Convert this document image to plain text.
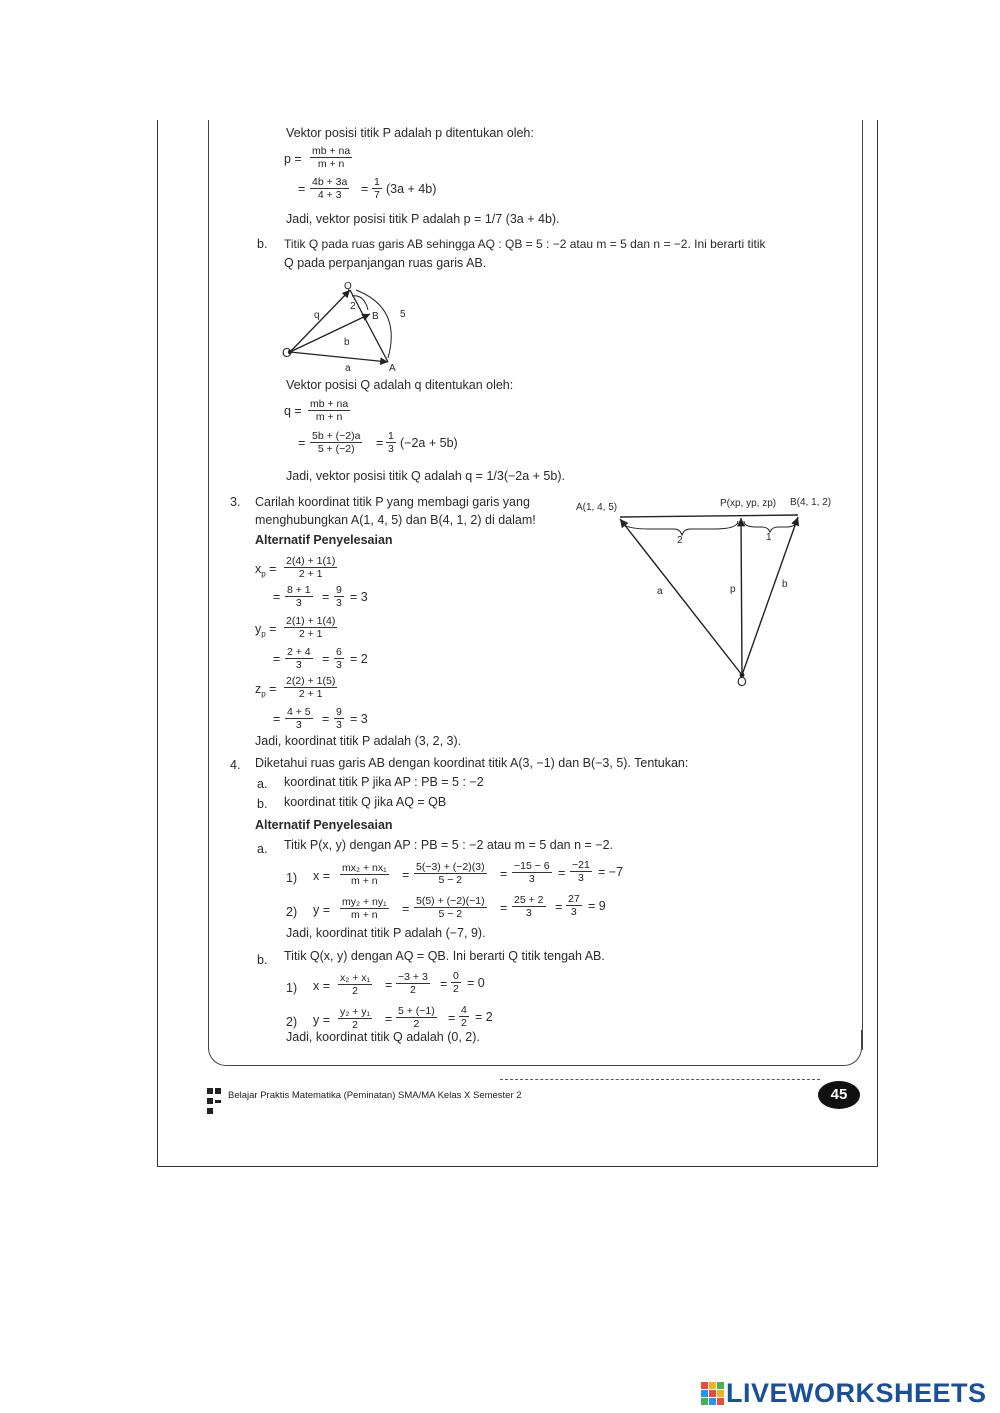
Vektor posisi titik P adalah p ditentukan oleh:
$p = \frac{mb + na}{m + n}$
= $\frac{4b + 3a}{4 + 3} = \frac{1}{7} (3a + 4b)$
Jadi, vektor posisi titik P adalah p = 1/7 (3a + 4b).
b. Titik Q pada ruas garis AB sehingga AQ : QB = 5 : −2 atau m = 5 dan n = −2. Ini berarti titik
Q pada perpanjangan ruas garis AB.
Q
q	B
b
O
A
a
5
2
Vektor posisi Q adalah q ditentukan oleh:
$q = \frac{mb + na}{m + n}$
= $\frac{5b + (-2)a}{5 + (-2)} = \frac{1}{3} (-2a + 5b)$
Jadi, vektor posisi titik Q adalah q = 1/3(−2a + 5b).
3. Carilah koordinat titik P yang membagi garis yang
menghubungkan A(1, 4, 5) dan B(4, 1, 2) di dalam!
Alternatif Penyelesaian
$x_p = \frac{2(4) + 1(1)}{2 + 1}$
= $\frac{8 + 1}{3} = \frac{9}{3} = 3$
$y_p = \frac{2(1) + 1(4)}{2 + 1}$
= $\frac{2 + 4}{3} = \frac{6}{3} = 2$
$z_p = \frac{2(2) + 1(5)}{2 + 1}$
= $\frac{4 + 5}{3} = \frac{9}{3} = 3$
Jadi, koordinat titik P adalah (3, 2, 3).
A(1, 4, 5)	P(xp, yp, zp) B(4, 1, 2)
2	1
a	p	b
O
4. Diketahui ruas garis AB dengan koordinat titik A(3, −1) dan B(−3, 5). Tentukan:
a. koordinat titik P jika AP : PB = 5 : −2
b. koordinat titik Q jika AQ = QB
Alternatif Penyelesaian
a. Titik P(x, y) dengan AP : PB = 5 : −2 atau m = 5 dan n = −2.
1) $x = \frac{\text{mx₂ + nx₁}}{m + n} = \frac{5(-3) + (-2)(3)}{5 - 2} = \frac{-15 - 6}{3} = \frac{-21}{3} = -7$
2) $y = \frac{\text{my₂ + ny₁}}{m + n} = \frac{5(5) + (-2)(-1)}{5 - 2} = \frac{25 + 2}{3} = \frac{27}{3} = 9$
Jadi, koordinat titik P adalah (−7, 9).
b. Titik Q(x, y) dengan AQ = QB. Ini berarti Q titik tengah AB.
1) $x = \frac{\text{x₂ + x₁}}{2} = \frac{-3 + 3}{2} = \frac{0}{2} = 0$
2) $y = \frac{\text{y₂ + y₁}}{2} = \frac{5 + (-1)}{2} = \frac{4}{2} = 2$
Jadi, koordinat titik Q adalah (0, 2).
Belajar Praktis Matematika (Peminatan) SMA/MA Kelas X Semester 2	45
LIVEWORKSHEETS
